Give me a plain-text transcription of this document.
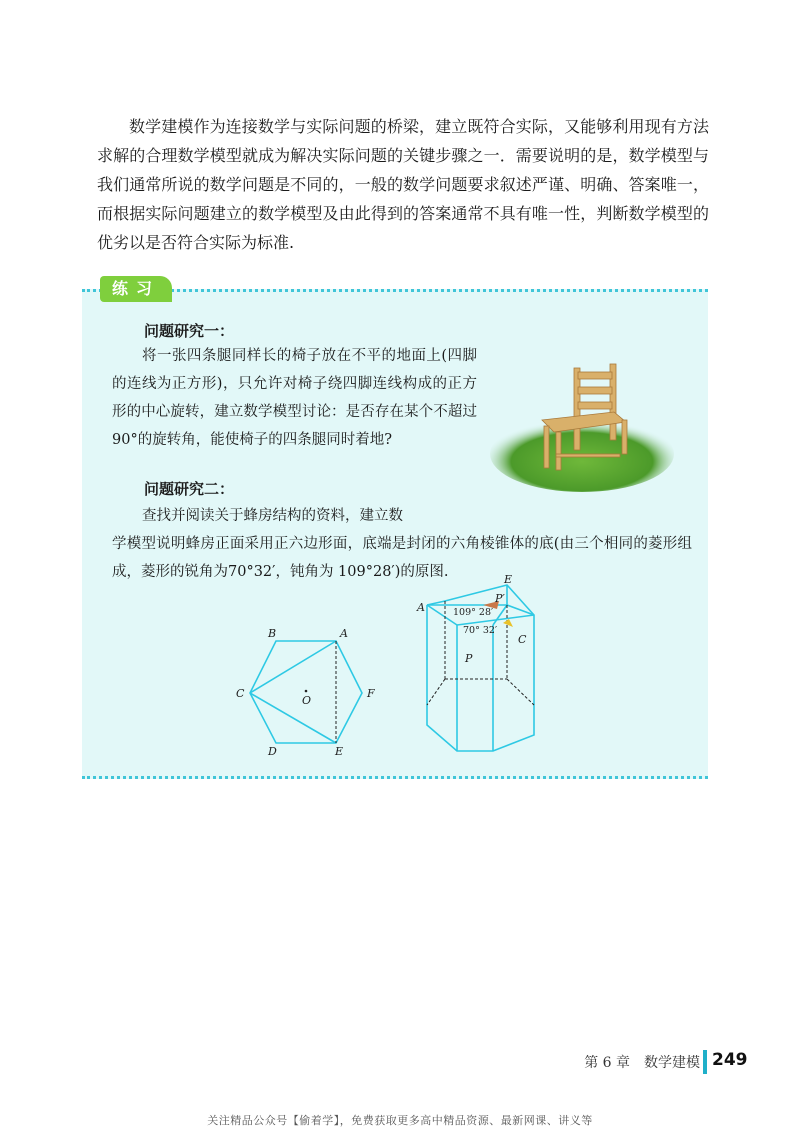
数学建模作为连接数学与实际问题的桥梁，建立既符合实际，又能够利用现有方法求解的合理数学模型就成为解决实际问题的关键步骤之一．需要说明的是，数学模型与我们通常所说的数学问题是不同的，一般的数学问题要求叙述严谨、明确、答案唯一，而根据实际问题建立的数学模型及由此得到的答案通常不具有唯一性，判断数学模型的优劣以是否符合实际为标准.

问题研究一：

将一张四条腿同样长的椅子放在不平的地面上(四脚的连线为正方形)，只允许对椅子绕四脚连线构成的正方形的中心旋转，建立数学模型讨论：是否存在某个不超过 90°的旋转角，能使椅子的四条腿同时着地?

问题研究二：

查找并阅读关于蜂房结构的资料，建立数

学模型说明蜂房正面采用正六边形面，底端是封闭的六角棱锥体的底(由三个相同的菱形组成，菱形的锐角为70°32′，钝角为 109°28′)的原图.

B	A
C	F
O
D	E
A
E
P′
C
P
109° 28′
70° 32′
练习
第 6 章　数学建模 249
关注精品公众号【偷着学】，免费获取更多高中精品资源、最新网课、讲义等
